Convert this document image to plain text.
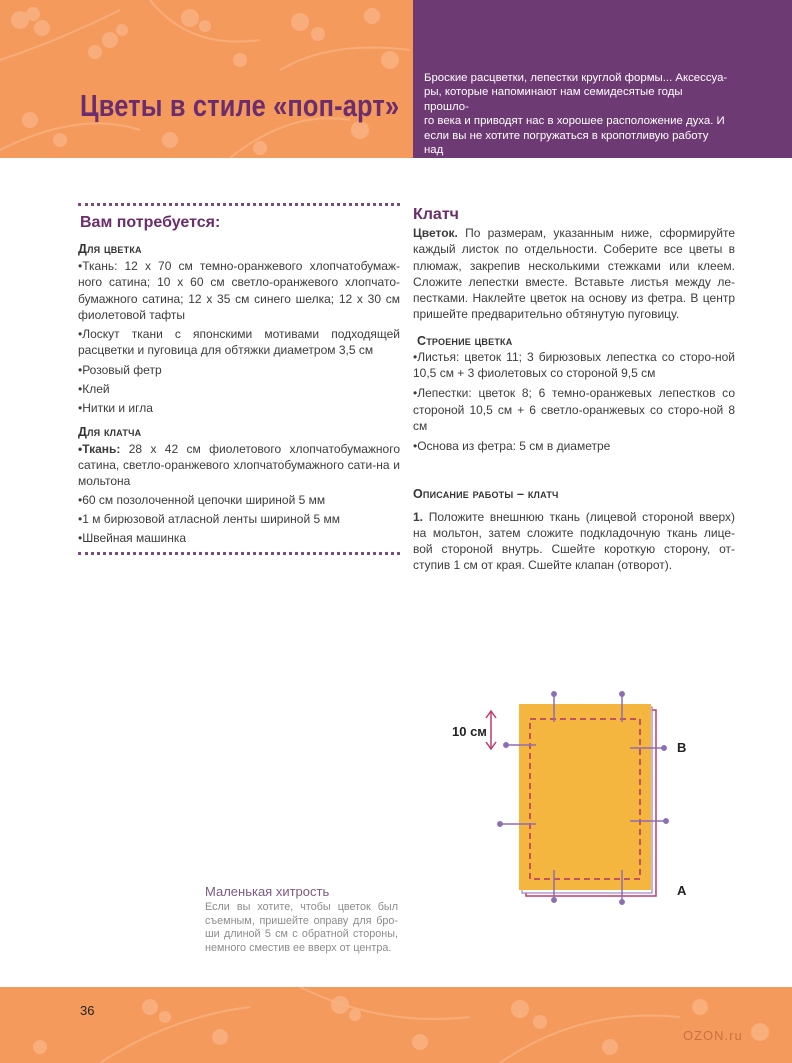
Цветы в стиле «поп-арт»
Броские расцветки, лепестки круглой формы... Аксессуа-
ры, которые напоминают нам семидесятые годы прошло-
го века и приводят нас в хорошее расположение духа. И
если вы не хотите погружаться в кропотливую работу над
сумочкой-клатчем, то можете использовать такой цветок
в качестве броши.
Вам потребуется:

Для цветка

• Ткань: 12 x 70 см темно-оранжевого хлопчатобумаж-ного сатина; 10 x 60 см светло-оранжевого хлопчато-бумажного сатина; 12 x 35 см синего шелка; 12 x 30 см фиолетовой тафты

• Лоскут ткани с японскими мотивами подходящей расцветки и пуговица для обтяжки диаметром 3,5 см

• Розовый фетр

• Клей

• Нитки и игла

Для клатча

•Ткань: 28 x 42 см фиолетового хлопчатобумажного сатина, светло-оранжевого хлопчатобумажного сати-на и мольтона

• 60 см позолоченной цепочки шириной 5 мм

• 1 м бирюзовой атласной ленты шириной 5 мм

• Швейная машинка

Клатч

Цветок. По размерам, указанным ниже, сформируйте каждый листок по отдельности. Соберите все цветы в плюмаж, закрепив несколькими стежками или клеем. Сложите лепестки вместе. Вставьте листья между ле-пестками. Наклейте цветок на основу из фетра. В центр пришейте предварительно обтянутую пуговицу.

Строение цветка

• Листья: цветок 11; 3 бирюзовых лепестка со сторо-ной 10,5 см + 3 фиолетовых со стороной 9,5 см

• Лепестки: цветок 8; 6 темно-оранжевых лепестков со стороной 10,5 см + 6 светло-оранжевых со сторо-ной 8 см

• Основа из фетра: 5 см в диаметре

Описание работы – клатч

1. Положите внешнюю ткань (лицевой стороной вверх) на мольтон, затем сложите подкладочную ткань лице-вой стороной внутрь. Сшейте короткую сторону, от-ступив 1 см от края. Сшейте клапан (отворот).

10 см
B
A

Маленькая хитрость

Если вы хотите, чтобы цветок был съемным, пришейте оправу для бро-ши длиной 5 см с обратной стороны, немного сместив ее вверх от центра.

36
OZON.ru
